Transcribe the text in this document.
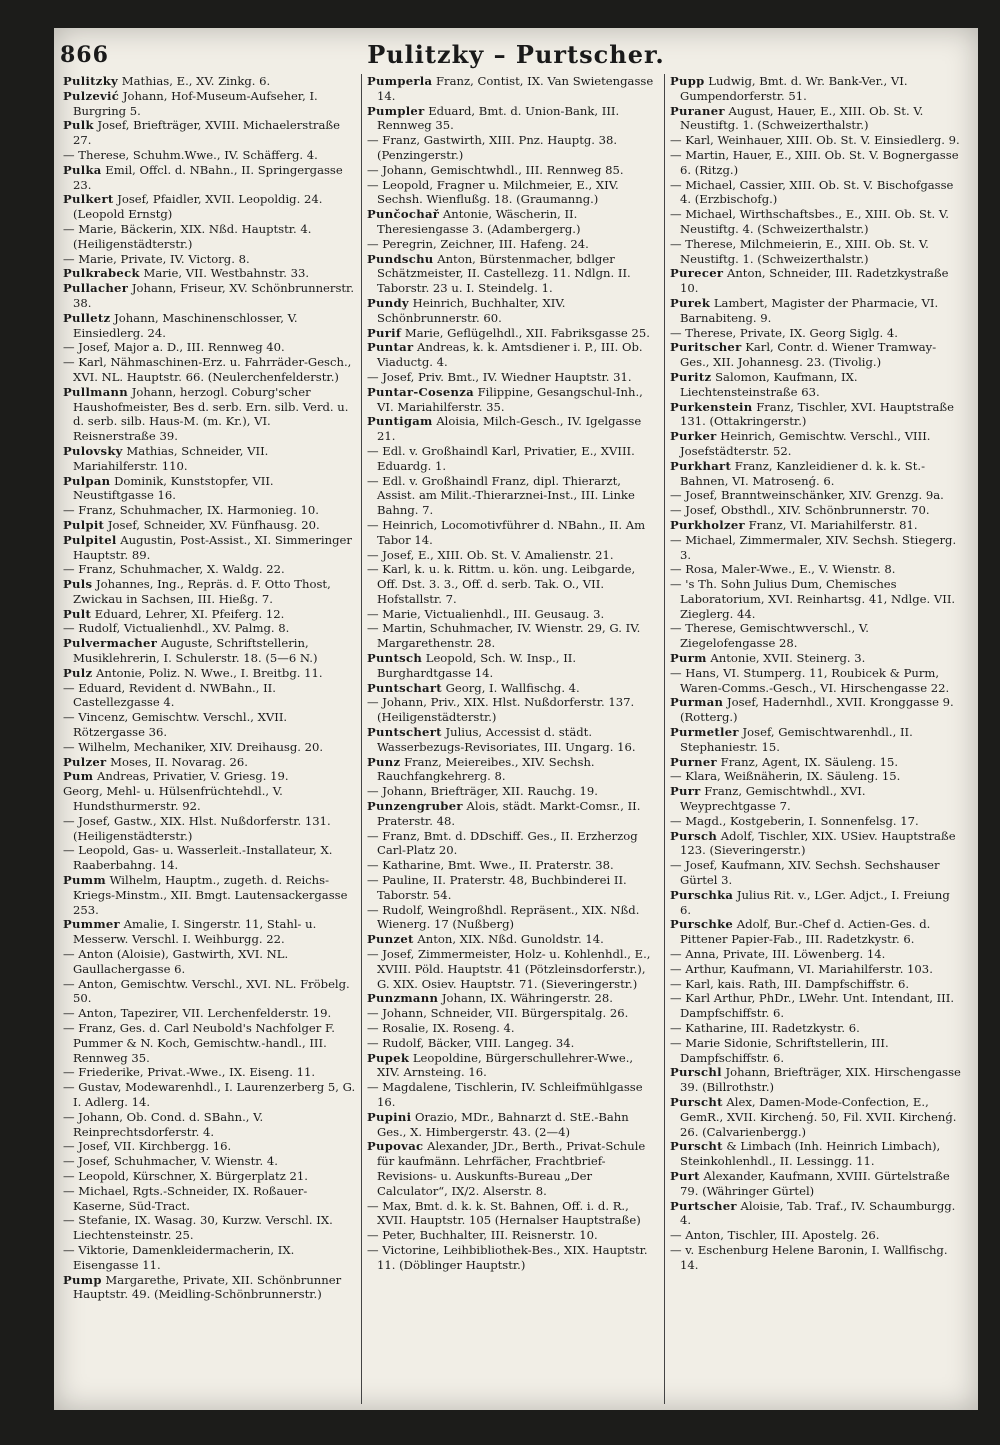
866	Pulitzky – Purtscher.

Pulitzky Mathias, E., XV. Zinkg. 6.

Pulzević Johann, Hof-Museum-Aufseher, I. Burgring 5.

Pulk Josef, Briefträger, XVIII. Michaelerstraße 27.

— Therese, Schuhm.Wwe., IV. Schäfferg. 4.

Pulka Emil, Offcl. d. NBahn., II. Springergasse 23.

Pulkert Josef, Pfaidler, XVII. Leopoldig. 24. (Leopold Ernstg)

— Marie, Bäckerin, XIX. Nßd. Hauptstr. 4. (Heiligenstädterstr.)

— Marie, Private, IV. Victorg. 8.

Pulkrabeck Marie, VII. Westbahnstr. 33.

Pullacher Johann, Friseur, XV. Schönbrunnerstr. 38.

Pulletz Johann, Maschinenschlosser, V. Einsiedlerg. 24.

— Josef, Major a. D., III. Rennweg 40.

— Karl, Nähmaschinen-Erz. u. Fahrräder-Gesch., XVI. NL. Hauptstr. 66. (Neulerchenfelderstr.)

Pullmann Johann, herzogl. Coburg'scher Haushofmeister, Bes d. serb. Ern. silb. Verd. u. d. serb. silb. Haus-M. (m. Kr.), VI. Reisnerstraße 39.

Pulovsky Mathias, Schneider, VII. Mariahilferstr. 110.

Pulpan Dominik, Kunststopfer, VII. Neustiftgasse 16.

— Franz, Schuhmacher, IX. Harmonieg. 10.

Pulpit Josef, Schneider, XV. Fünfhausg. 20.

Pulpitel Augustin, Post-Assist., XI. Simmeringer Hauptstr. 89.

— Franz, Schuhmacher, X. Waldg. 22.

Puls Johannes, Ing., Repräs. d. F. Otto Thost, Zwickau in Sachsen, III. Hießg. 7.

Pult Eduard, Lehrer, XI. Pfeiferg. 12.

— Rudolf, Victualienhdl., XV. Palmg. 8.

Pulvermacher Auguste, Schriftstellerin, Musiklehrerin, I. Schulerstr. 18. (5—6 N.)

Pulz Antonie, Poliz. N. Wwe., I. Breitbg. 11.

— Eduard, Revident d. NWBahn., II. Castellezgasse 4.

— Vincenz, Gemischtw. Verschl., XVII. Rötzergasse 36.

— Wilhelm, Mechaniker, XIV. Dreihausg. 20.

Pulzer Moses, II. Novarag. 26.

Pum Andreas, Privatier, V. Griesg. 19.

Georg, Mehl- u. Hülsenfrüchtehdl., V. Hundsthurmerstr. 92.

— Josef, Gastw., XIX. Hlst. Nußdorferstr. 131. (Heiligenstädterstr.)

— Leopold, Gas- u. Wasserleit.-Installateur, X. Raaberbahng. 14.

Pumm Wilhelm, Hauptm., zugeth. d. Reichs-Kriegs-Minstm., XII. Bmgt. Lautensackergasse 253.

Pummer Amalie, I. Singerstr. 11, Stahl- u. Messerw. Verschl. I. Weihburgg. 22.

— Anton (Aloisie), Gastwirth, XVI. NL. Gaullachergasse 6.

— Anton, Gemischtw. Verschl., XVI. NL. Fröbelg. 50.

— Anton, Tapezirer, VII. Lerchenfelderstr. 19.

— Franz, Ges. d. Carl Neubold's Nachfolger F. Pummer & N. Koch, Gemischtw.-handl., III. Rennweg 35.

— Friederike, Privat.-Wwe., IX. Eiseng. 11.

— Gustav, Modewarenhdl., I. Laurenzerberg 5, G. I. Adlerg. 14.

— Johann, Ob. Cond. d. SBahn., V. Reinprechtsdorferstr. 4.

— Josef, VII. Kirchbergg. 16.

— Josef, Schuhmacher, V. Wienstr. 4.

— Leopold, Kürschner, X. Bürgerplatz 21.

— Michael, Rgts.-Schneider, IX. Roßauer-Kaserne, Süd-Tract.

— Stefanie, IX. Wasag. 30, Kurzw. Verschl. IX. Liechtensteinstr. 25.

— Viktorie, Damenkleidermacherin, IX. Eisengasse 11.

Pump Margarethe, Private, XII. Schönbrunner Hauptstr. 49. (Meidling-Schönbrunnerstr.)

Pumperla Franz, Contist, IX. Van Swietengasse 14.

Pumpler Eduard, Bmt. d. Union-Bank, III. Rennweg 35.

— Franz, Gastwirth, XIII. Pnz. Hauptg. 38. (Penzingerstr.)

— Johann, Gemischtwhdl., III. Rennweg 85.

— Leopold, Fragner u. Milchmeier, E., XIV. Sechsh. Wienflußg. 18. (Graumanng.)

Punčochař Antonie, Wäscherin, II. Theresiengasse 3. (Adambergerg.)

— Peregrin, Zeichner, III. Hafeng. 24.

Pundschu Anton, Bürstenmacher, bdlger Schätzmeister, II. Castellezg. 11. Ndlgn. II. Taborstr. 23 u. I. Steindelg. 1.

Pundy Heinrich, Buchhalter, XIV. Schönbrunnerstr. 60.

Purif Marie, Geflügelhdl., XII. Fabriksgasse 25.

Puntar Andreas, k. k. Amtsdiener i. P., III. Ob. Viaductg. 4.

— Josef, Priv. Bmt., IV. Wiedner Hauptstr. 31.

Puntar-Cosenza Filippine, Gesangschul-Inh., VI. Mariahilferstr. 35.

Puntigam Aloisia, Milch-Gesch., IV. Igelgasse 21.

— Edl. v. Großhaindl Karl, Privatier, E., XVIII. Eduardg. 1.

— Edl. v. Großhaindl Franz, dipl. Thierarzt, Assist. am Milit.-Thierarznei-Inst., III. Linke Bahng. 7.

— Heinrich, Locomotivführer d. NBahn., II. Am Tabor 14.

— Josef, E., XIII. Ob. St. V. Amalienstr. 21.

— Karl, k. u. k. Rittm. u. kön. ung. Leibgarde, Off. Dst. 3. 3., Off. d. serb. Tak. O., VII. Hofstallstr. 7.

— Marie, Victualienhdl., III. Geusaug. 3.

— Martin, Schuhmacher, IV. Wienstr. 29, G. IV. Margarethenstr. 28.

Puntsch Leopold, Sch. W. Insp., II. Burghardtgasse 14.

Puntschart Georg, I. Wallfischg. 4.

— Johann, Priv., XIX. Hlst. Nußdorferstr. 137. (Heiligenstädterstr.)

Puntschert Julius, Accessist d. städt. Wasserbezugs-Revisoriates, III. Ungarg. 16.

Punz Franz, Meiereibes., XIV. Sechsh. Rauchfangkehrerg. 8.

— Johann, Briefträger, XII. Rauchg. 19.

Punzengruber Alois, städt. Markt-Comsr., II. Praterstr. 48.

— Franz, Bmt. d. DDschiff. Ges., II. Erzherzog Carl-Platz 20.

— Katharine, Bmt. Wwe., II. Praterstr. 38.

— Pauline, II. Praterstr. 48, Buchbinderei II. Taborstr. 54.

— Rudolf, Weingroßhdl. Repräsent., XIX. Nßd. Wienerg. 17 (Nußberg)

Punzet Anton, XIX. Nßd. Gunoldstr. 14.

— Josef, Zimmermeister, Holz- u. Kohlenhdl., E., XVIII. Pöld. Hauptstr. 41 (Pötzleinsdorferstr.), G. XIX. Osiev. Hauptstr. 71. (Sieveringerstr.)

Punzmann Johann, IX. Währingerstr. 28.

— Johann, Schneider, VII. Bürgerspitalg. 26.

— Rosalie, IX. Roseng. 4.

— Rudolf, Bäcker, VIII. Langeg. 34.

Pupek Leopoldine, Bürgerschullehrer-Wwe., XIV. Arnsteing. 16.

— Magdalene, Tischlerin, IV. Schleifmühlgasse 16.

Pupini Orazio, MDr., Bahnarzt d. StE.-Bahn Ges., X. Himbergerstr. 43. (2—4)

Pupovac Alexander, JDr., Berth., Privat-Schule für kaufmänn. Lehrfächer, Frachtbrief-Revisions- u. Auskunfts-Bureau „Der Calculator“, IX/2. Alserstr. 8.

— Max, Bmt. d. k. k. St. Bahnen, Off. i. d. R., XVII. Hauptstr. 105 (Hernalser Hauptstraße)

— Peter, Buchhalter, III. Reisnerstr. 10.

— Victorine, Leihbibliothek-Bes., XIX. Hauptstr. 11. (Döblinger Hauptstr.)

Pupp Ludwig, Bmt. d. Wr. Bank-Ver., VI. Gumpendorferstr. 51.

Puraner August, Hauer, E., XIII. Ob. St. V. Neustiftg. 1. (Schweizerthalstr.)

— Karl, Weinhauer, XIII. Ob. St. V. Einsiedlerg. 9.

— Martin, Hauer, E., XIII. Ob. St. V. Bognergasse 6. (Ritzg.)

— Michael, Cassier, XIII. Ob. St. V. Bischofgasse 4. (Erzbischofg.)

— Michael, Wirthschaftsbes., E., XIII. Ob. St. V. Neustiftg. 4. (Schweizerthalstr.)

— Therese, Milchmeierin, E., XIII. Ob. St. V. Neustiftg. 1. (Schweizerthalstr.)

Purecer Anton, Schneider, III. Radetzkystraße 10.

Purek Lambert, Magister der Pharmacie, VI. Barnabiteng. 9.

— Therese, Private, IX. Georg Siglg. 4.

Puritscher Karl, Contr. d. Wiener Tramway-Ges., XII. Johannesg. 23. (Tivolig.)

Puritz Salomon, Kaufmann, IX. Liechtensteinstraße 63.

Purkenstein Franz, Tischler, XVI. Hauptstraße 131. (Ottakringerstr.)

Purker Heinrich, Gemischtw. Verschl., VIII. Josefstädterstr. 52.

Purkhart Franz, Kanzleidiener d. k. k. St.-Bahnen, VI. Matrosenǵ. 6.

— Josef, Branntweinschänker, XIV. Grenzg. 9a.

— Josef, Obsthdl., XIV. Schönbrunnerstr. 70.

Purkholzer Franz, VI. Mariahilferstr. 81.

— Michael, Zimmermaler, XIV. Sechsh. Stiegerg. 3.

— Rosa, Maler-Wwe., E., V. Wienstr. 8.

— 's Th. Sohn Julius Dum, Chemisches Laboratorium, XVI. Reinhartsg. 41, Ndlge. VII. Zieglerg. 44.

— Therese, Gemischtwverschl., V. Ziegelofengasse 28.

Purm Antonie, XVII. Steinerg. 3.

— Hans, VI. Stumperg. 11, Roubicek & Purm, Waren-Comms.-Gesch., VI. Hirschengasse 22.

Purman Josef, Hadernhdl., XVII. Kronggasse 9. (Rotterg.)

Purmetler Josef, Gemischtwarenhdl., II. Stephaniestr. 15.

Purner Franz, Agent, IX. Säuleng. 15.

— Klara, Weißnäherin, IX. Säuleng. 15.

Purr Franz, Gemischtwhdl., XVI. Weyprechtgasse 7.

— Magd., Kostgeberin, I. Sonnenfelsg. 17.

Pursch Adolf, Tischler, XIX. USiev. Hauptstraße 123. (Sieveringerstr.)

— Josef, Kaufmann, XIV. Sechsh. Sechshauser Gürtel 3.

Purschka Julius Rit. v., LGer. Adjct., I. Freiung 6.

Purschke Adolf, Bur.-Chef d. Actien-Ges. d. Pittener Papier-Fab., III. Radetzkystr. 6.

— Anna, Private, III. Löwenberg. 14.

— Arthur, Kaufmann, VI. Mariahilferstr. 103.

— Karl, kais. Rath, III. Dampfschiffstr. 6.

— Karl Arthur, PhDr., LWehr. Unt. Intendant, III. Dampfschiffstr. 6.

— Katharine, III. Radetzkystr. 6.

— Marie Sidonie, Schriftstellerin, III. Dampfschiffstr. 6.

Purschl Johann, Briefträger, XIX. Hirschengasse 39. (Billrothstr.)

Purscht Alex, Damen-Mode-Confection, E., GemR., XVII. Kirchenǵ. 50, Fil. XVII. Kirchenǵ. 26. (Calvarienbergg.)

Purscht & Limbach (Inh. Heinrich Limbach), Steinkohlenhdl., II. Lessingg. 11.

Purt Alexander, Kaufmann, XVIII. Gürtelstraße 79. (Währinger Gürtel)

Purtscher Aloisie, Tab. Traf., IV. Schaumburgg. 4.

— Anton, Tischler, III. Apostelg. 26.

— v. Eschenburg Helene Baronin, I. Wallfischg. 14.
